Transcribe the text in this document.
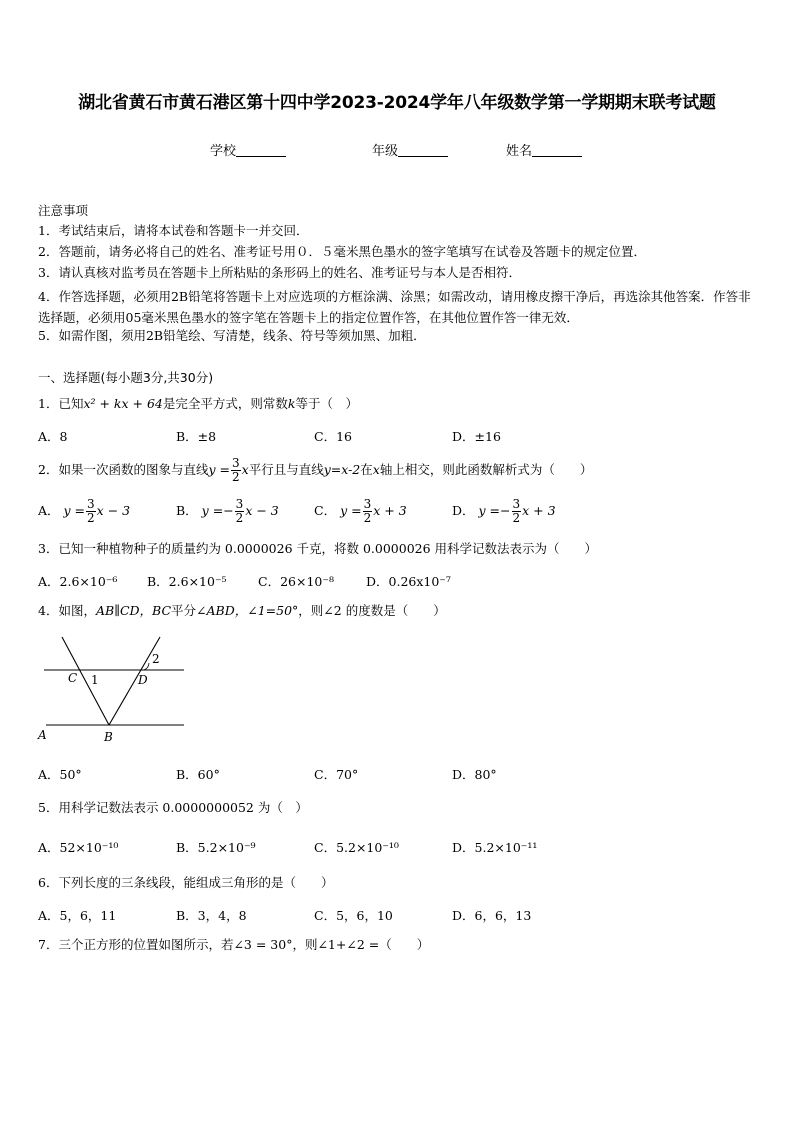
湖北省黄石市黄石港区第十四中学2023-2024学年八年级数学第一学期期末联考试题
学校	年级	姓名
注意事项
1．考试结束后，请将本试卷和答题卡一并交回．
2．答题前，请务必将自己的姓名、准考证号用０．５毫米黑色墨水的签字笔填写在试卷及答题卡的规定位置．
3．请认真核对监考员在答题卡上所粘贴的条形码上的姓名、准考证号与本人是否相符．
4．作答选择题，必须用2B铅笔将答题卡上对应选项的方框涂满、涂黑；如需改动，请用橡皮擦干净后，再选涂其他答案．作答非选择题，必须用05毫米黑色墨水的签字笔在答题卡上的指定位置作答，在其他位置作答一律无效．
5．如需作图，须用2B铅笔绘、写清楚，线条、符号等须加黑、加粗．
一、选择题(每小题3分,共30分)
1．已知x² + kx + 64是完全平方式，则常数k等于（　）
A．8	B．±8	C．16	D．±16
2．如果一次函数的图象与直线$y = \frac{3}{2}$ x平行且与直线y=x-2在x轴上相交，则此函数解析式为（　　）
A． $y = \frac{3}{2}$ x − 3	B． $y =- \frac{3}{2}$ x − 3	C． $y = \frac{3}{2}$ x + 3	D． $y =- \frac{3}{2}$ x + 3
3．已知一种植物种子的质量约为 0.0000026 千克，将数 0.0000026 用科学记数法表示为（　　）
A．2.6×10⁻⁶ B．2.6×10⁻⁵	C．26×10⁻⁸	D．0.26x10⁻⁷
4．如图，AB∥CD，BC平分∠ABD，∠1=50°，则∠2 的度数是（　　）
C 1	D
2
A	B
A．50°	B．60°	C．70°	D．80°
5．用科学记数法表示 0.0000000052 为（　）
A．52×10⁻¹⁰	B．5.2×10⁻⁹	C．5.2×10⁻¹⁰	D．5.2×10⁻¹¹
6．下列长度的三条线段，能组成三角形的是（　　）
A．5，6，11	B．3，4，8	C．5，6，10	D．6，6，13
7．三个正方形的位置如图所示，若∠3 = 30°，则∠1+∠2 =（　　）
